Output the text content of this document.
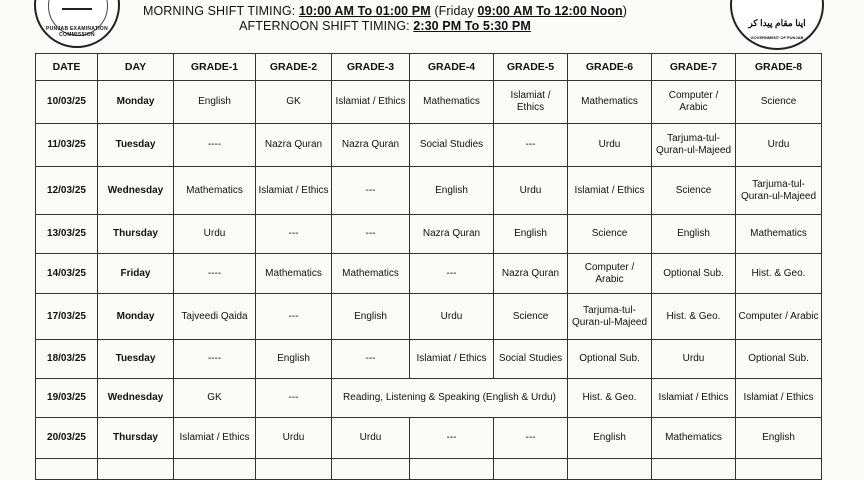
PUNJAB EXAMINATION COMMISSION
اپنا مقام پیدا کر
GOVERNMENT OF PUNJAB
MORNING SHIFT TIMING: 10:00 AM To 01:00 PM (Friday 09:00 AM To 12:00 Noon)
AFTERNOON SHIFT TIMING: 2:30 PM To 5:30 PM
DATE	DAY	GRADE-1	GRADE-2	GRADE-3	GRADE-4	GRADE-5	GRADE-6	GRADE-7	GRADE-8
10/03/25	Monday	English	GK	Islamiat / Ethics	Mathematics	Islamiat / Ethics	Mathematics	Computer / Arabic	Science
11/03/25	Tuesday	----	Nazra Quran	Nazra Quran	Social Studies	---	Urdu	Tarjuma-tul-Quran-ul-Majeed	Urdu
12/03/25	Wednesday	Mathematics	Islamiat / Ethics	---	English	Urdu	Islamiat / Ethics	Science	Tarjuma-tul-Quran-ul-Majeed
13/03/25	Thursday	Urdu	---	---	Nazra Quran	English	Science	English	Mathematics
14/03/25	Friday	----	Mathematics	Mathematics	---	Nazra Quran	Computer / Arabic	Optional Sub.	Hist. & Geo.
17/03/25	Monday	Tajveedi Qaida	---	English	Urdu	Science	Tarjuma-tul-Quran-ul-Majeed	Hist. & Geo.	Computer / Arabic
18/03/25	Tuesday	----	English	---	Islamiat / Ethics	Social Studies	Optional Sub.	Urdu	Optional Sub.
19/03/25	Wednesday	GK	---	Reading, Listening & Speaking (English & Urdu)			Hist. & Geo.	Islamiat / Ethics	Islamiat / Ethics
20/03/25	Thursday	Islamiat / Ethics	Urdu	Urdu	---	---	English	Mathematics	English
